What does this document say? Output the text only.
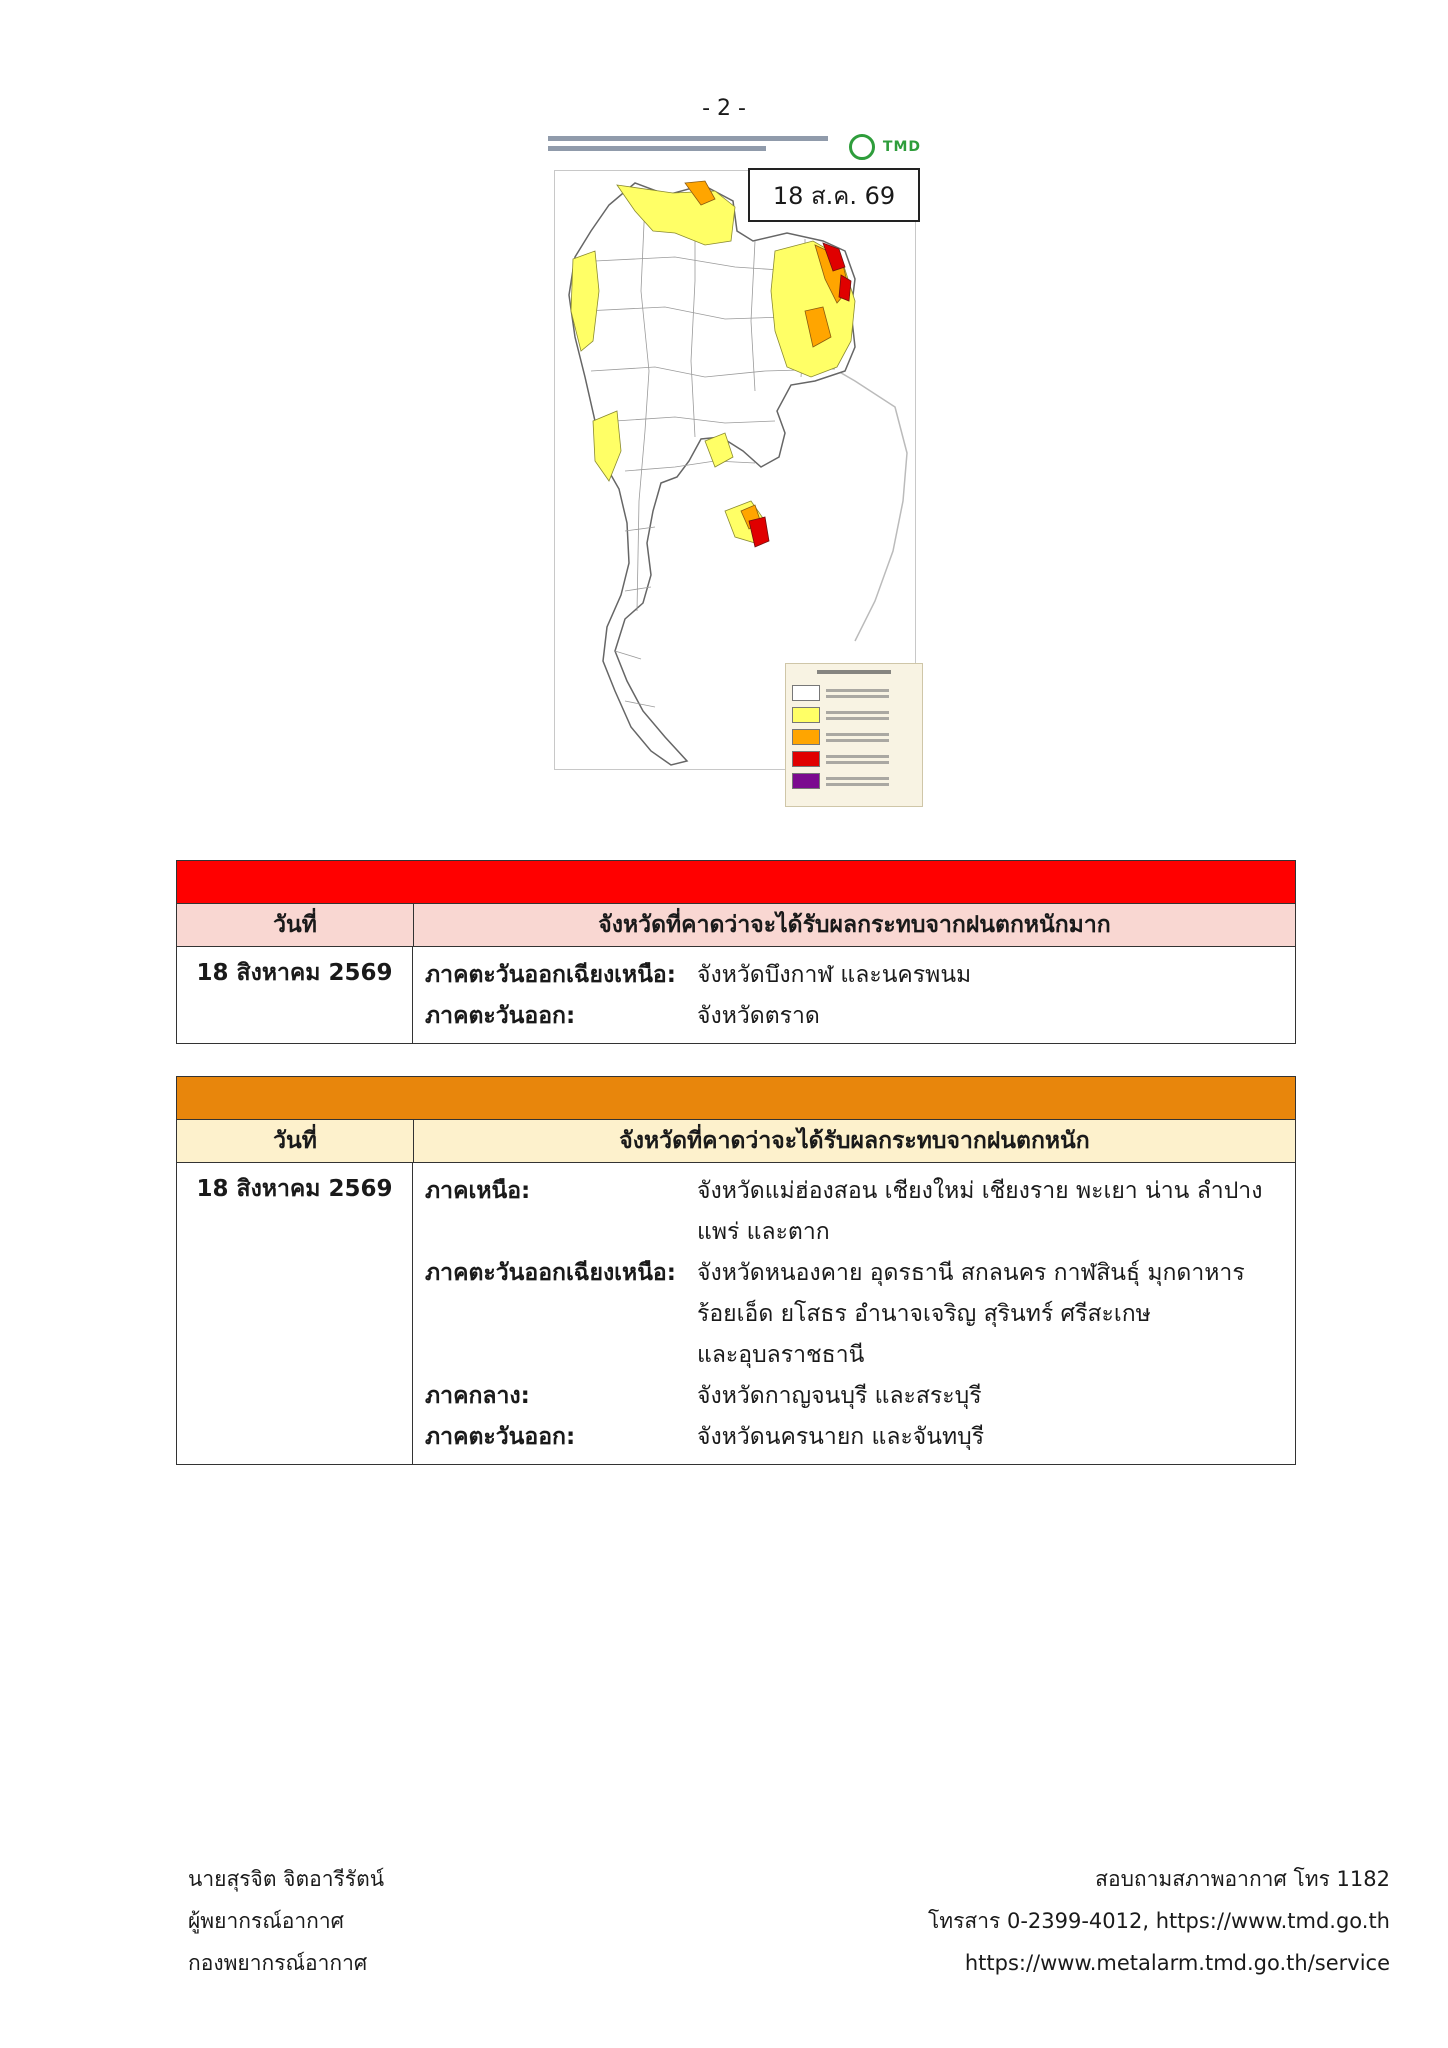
- 2 -
TMD
18 ส.ค. 69
วันที่	จังหวัดที่คาดว่าจะได้รับผลกระทบจากฝนตกหนักมาก
18 สิงหาคม 2569	ภาคตะวันออกเฉียงเหนือ: จังหวัดบึงกาฬ และนครพนม
ภาคตะวันออก:	จังหวัดตราด
วันที่	จังหวัดที่คาดว่าจะได้รับผลกระทบจากฝนตกหนัก
18 สิงหาคม 2569	ภาคเหนือ:	จังหวัดแม่ฮ่องสอน เชียงใหม่ เชียงราย พะเยา น่าน ลำปาง
แพร่ และตาก
ภาคตะวันออกเฉียงเหนือ: จังหวัดหนองคาย อุดรธานี สกลนคร กาฬสินธุ์ มุกดาหาร
ร้อยเอ็ด ยโสธร อำนาจเจริญ สุรินทร์ ศรีสะเกษ
และอุบลราชธานี
ภาคกลาง:	จังหวัดกาญจนบุรี และสระบุรี
ภาคตะวันออก:	จังหวัดนครนายก และจันทบุรี
นายสุรจิต จิตอารีรัตน์
ผู้พยากรณ์อากาศ
กองพยากรณ์อากาศ
สอบถามสภาพอากาศ โทร 1182
โทรสาร 0-2399-4012, https://www.tmd.go.th
https://www.metalarm.tmd.go.th/service
